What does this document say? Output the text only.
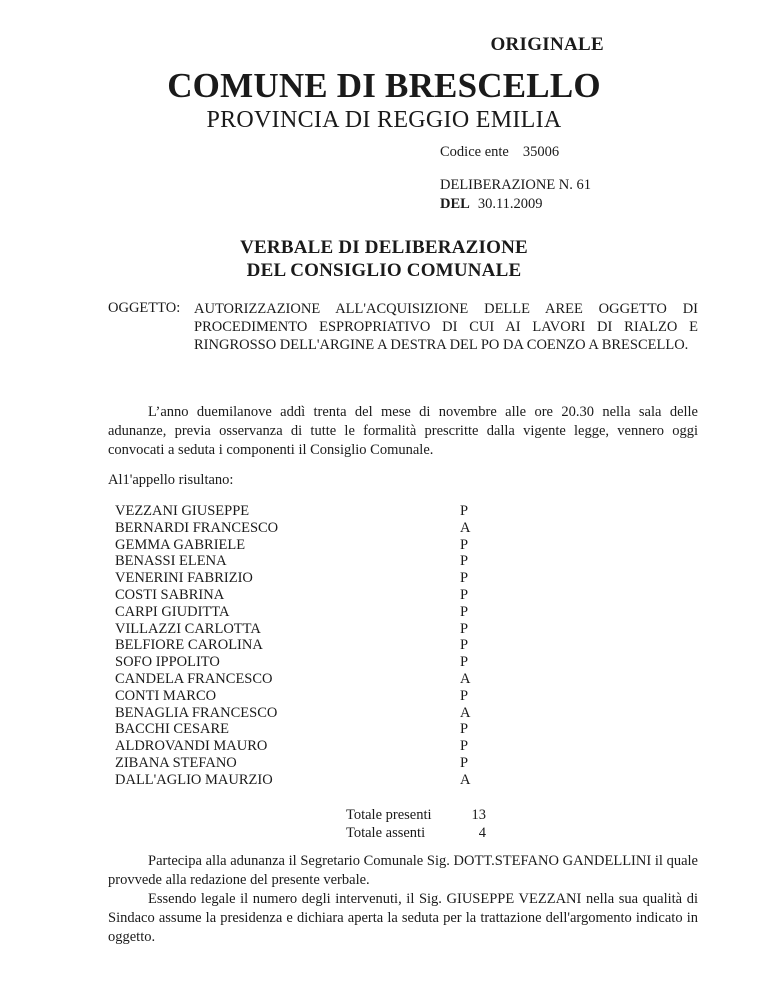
ORIGINALE
COMUNE DI BRESCELLO
PROVINCIA DI REGGIO EMILIA
Codice ente 35006
DELIBERAZIONE N. 61
DEL 30.11.2009
VERBALE DI DELIBERAZIONE
DEL CONSIGLIO COMUNALE
OGGETTO: AUTORIZZAZIONE ALL'ACQUISIZIONE DELLE AREE OGGETTO DI PROCEDIMENTO ESPROPRIATIVO DI CUI AI LAVORI DI RIALZO E RINGROSSO DELL'ARGINE A DESTRA DEL PO DA COENZO A BRESCELLO.
L’anno duemilanove addì trenta del mese di novembre alle ore 20.30 nella sala delle adunanze, previa osservanza di tutte le formalità prescritte dalla vigente legge, vennero oggi convocati a seduta i componenti il Consiglio Comunale.
Al1'appello risultano:
VEZZANI GIUSEPPE	P
BERNARDI FRANCESCO	A
GEMMA GABRIELE	P
BENASSI ELENA	P
VENERINI FABRIZIO	P
COSTI SABRINA	P
CARPI GIUDITTA	P
VILLAZZI CARLOTTA	P
BELFIORE CAROLINA	P
SOFO IPPOLITO	P
CANDELA FRANCESCO	A
CONTI MARCO	P
BENAGLIA FRANCESCO	A
BACCHI CESARE	P
ALDROVANDI MAURO	P
ZIBANA STEFANO	P
DALL'AGLIO MAURZIO	A
Totale presenti	13
Totale assenti	4

Partecipa alla adunanza il Segretario Comunale Sig. DOTT.STEFANO GANDELLINI il quale provvede alla redazione del presente verbale.

Essendo legale il numero degli intervenuti, il Sig. GIUSEPPE VEZZANI nella sua qualità di Sindaco assume la presidenza e dichiara aperta la seduta per la trattazione dell'argomento indicato in oggetto.
